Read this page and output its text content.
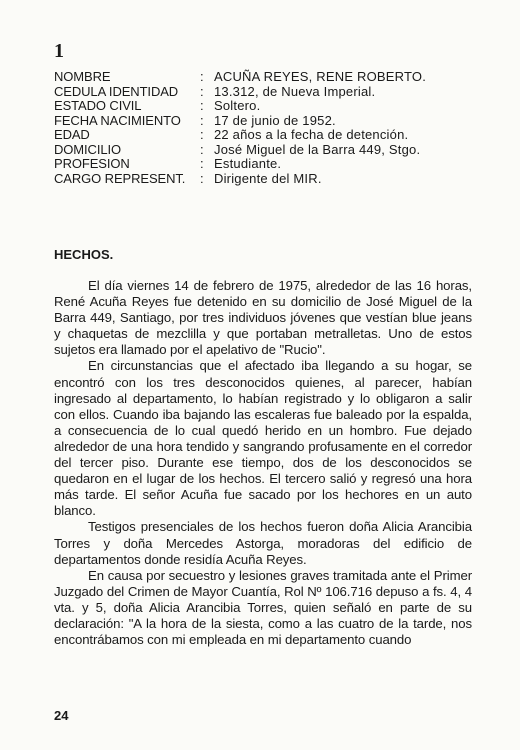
1
NOMBRE	: ACUÑA REYES, RENE ROBERTO.
CEDULA IDENTIDAD	: 13.312, de Nueva Imperial.
ESTADO CIVIL	: Soltero.
FECHA NACIMIENTO	: 17 de junio de 1952.
EDAD	: 22 años a la fecha de detención.
DOMICILIO	: José Miguel de la Barra 449, Stgo.
PROFESION	: Estudiante.
CARGO REPRESENT.	: Dirigente del MIR.
HECHOS.

El día viernes 14 de febrero de 1975, alrededor de las 16 horas, René Acuña Reyes fue detenido en su domicilio de José Miguel de la Barra 449, Santiago, por tres individuos jóvenes que vestían blue jeans y chaquetas de mezclilla y que portaban metralletas. Uno de estos sujetos era llamado por el apelativo de "Rucio".

En circunstancias que el afectado iba llegando a su hogar, se encontró con los tres desconocidos quienes, al parecer, habían ingresado al departamento, lo habían registrado y lo obligaron a salir con ellos. Cuando iba bajando las escaleras fue baleado por la espalda, a consecuencia de lo cual quedó herido en un hombro. Fue dejado alrededor de una hora tendido y sangrando profusamente en el corredor del tercer piso. Durante ese tiempo, dos de los desconocidos se quedaron en el lugar de los hechos. El tercero salió y regresó una hora más tarde. El señor Acuña fue sacado por los hechores en un auto blanco.

Testigos presenciales de los hechos fueron doña Alicia Arancibia Torres y doña Mercedes Astorga, moradoras del edificio de departamentos donde residía Acuña Reyes.

En causa por secuestro y lesiones graves tramitada ante el Primer Juzgado del Crimen de Mayor Cuantía, Rol Nº 106.716 depuso a fs. 4, 4 vta. y 5, doña Alicia Arancibia Torres, quien señaló en parte de su declaración: "A la hora de la siesta, como a las cuatro de la tarde, nos encontrábamos con mi empleada en mi departamento cuando

24
